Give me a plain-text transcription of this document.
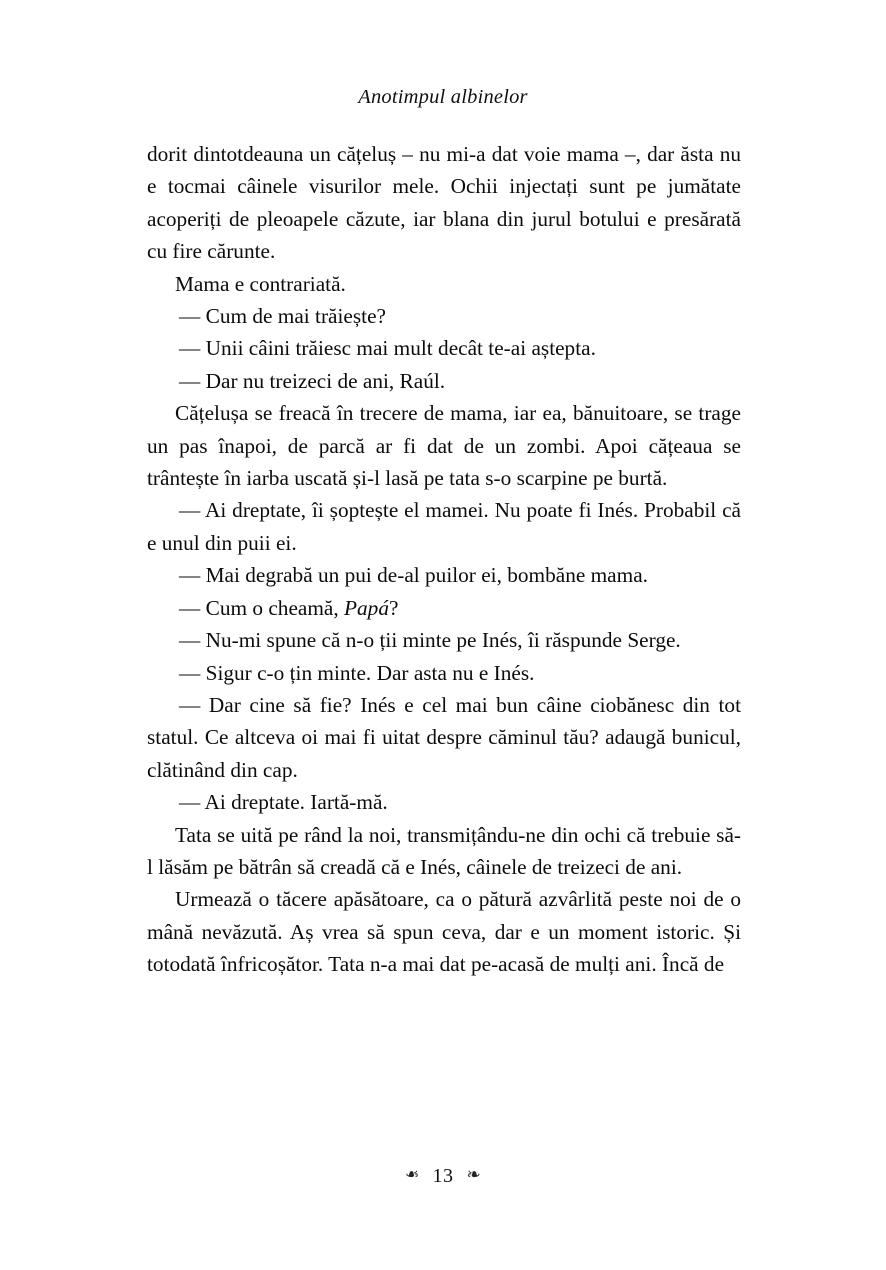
Anotimpul albinelor

dorit dintotdeauna un cățeluș – nu mi-a dat voie mama –, dar ăsta nu e tocmai câinele visurilor mele. Ochii injectați sunt pe jumătate acoperiți de pleoapele căzute, iar blana din jurul botului e presărată cu fire cărunte.

Mama e contrariată.

— Cum de mai trăiește?

— Unii câini trăiesc mai mult decât te-ai aștepta.

— Dar nu treizeci de ani, Raúl.

Cățelușa se freacă în trecere de mama, iar ea, bănuitoare, se trage un pas înapoi, de parcă ar fi dat de un zombi. Apoi cățeaua se trântește în iarba uscată și-l lasă pe tata s-o scarpine pe burtă.

— Ai dreptate, îi șoptește el mamei. Nu poate fi Inés. Probabil că e unul din puii ei.

— Mai degrabă un pui de-al puilor ei, bombăne mama.

— Cum o cheamă, Papá?

— Nu-mi spune că n-o ții minte pe Inés, îi răspunde Serge.

— Sigur c-o țin minte. Dar asta nu e Inés.

— Dar cine să fie? Inés e cel mai bun câine ciobănesc din tot statul. Ce altceva oi mai fi uitat despre căminul tău? adaugă bunicul, clătinând din cap.

— Ai dreptate. Iartă-mă.

Tata se uită pe rând la noi, transmițându-ne din ochi că trebuie să-l lăsăm pe bătrân să creadă că e Inés, câinele de treizeci de ani.

Urmează o tăcere apăsătoare, ca o pătură azvârlită peste noi de o mână nevăzută. Aș vrea să spun ceva, dar e un moment istoric. Și totodată înfricoșător. Tata n-a mai dat pe-acasă de mulți ani. Încă de

❧ 13 ❧
